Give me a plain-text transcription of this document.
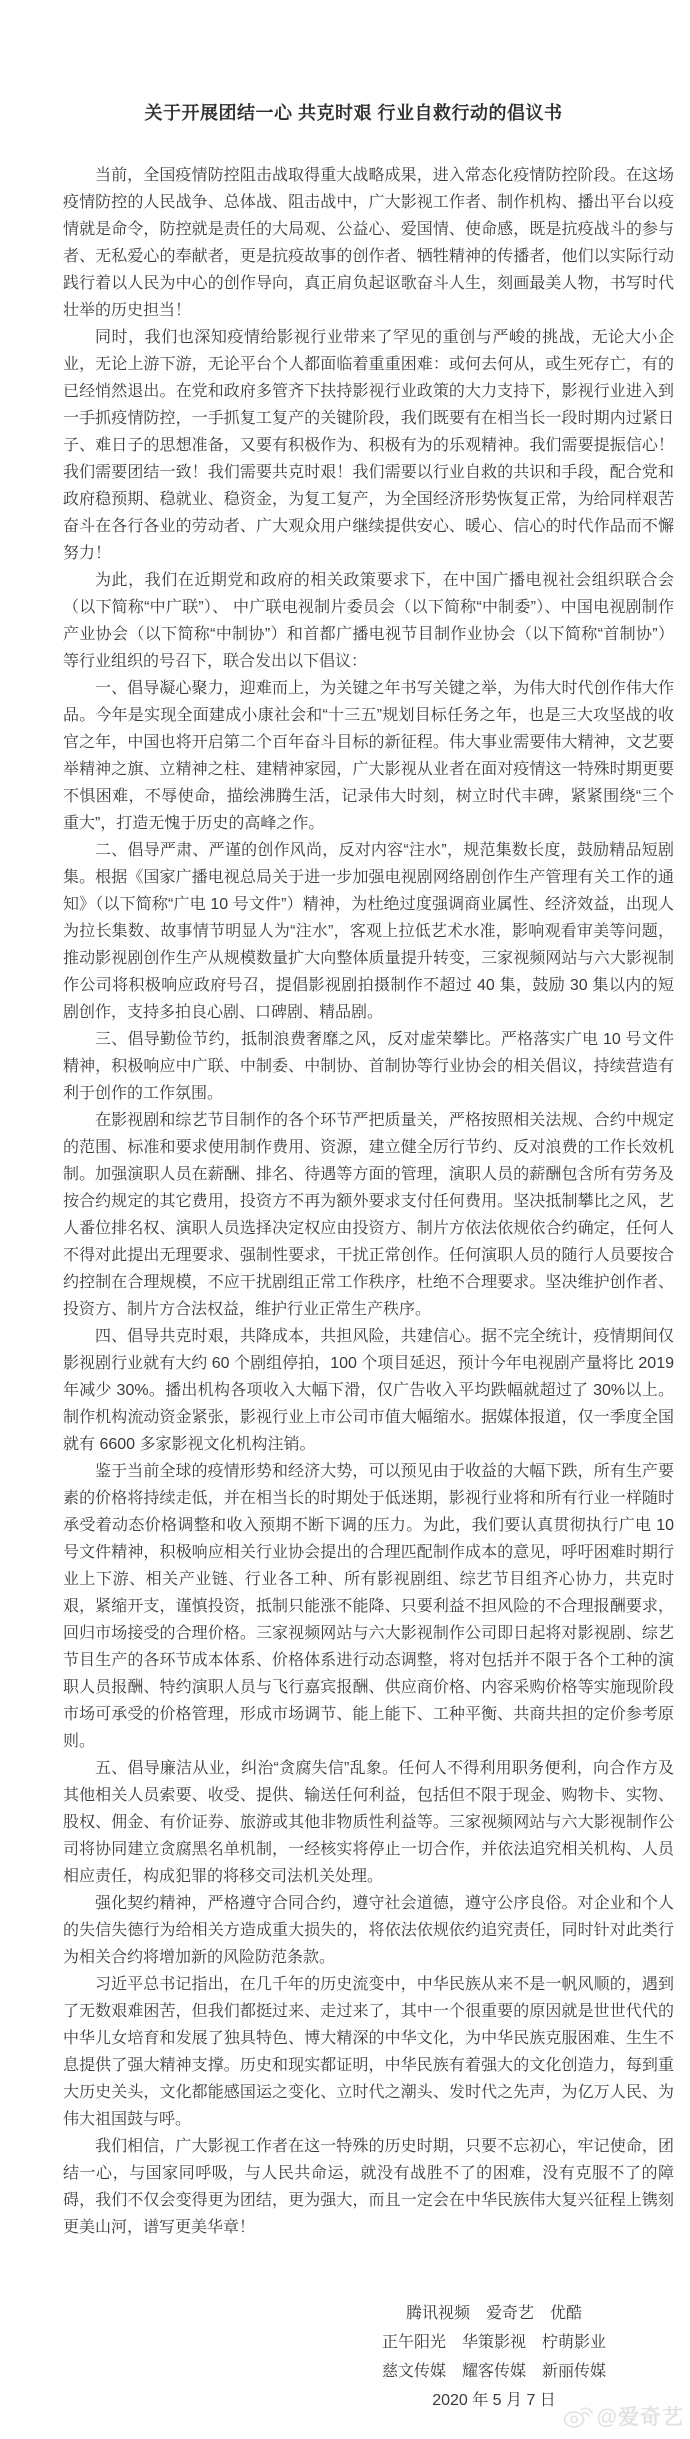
关于开展团结一心 共克时艰 行业自救行动的倡议书

当前，全国疫情防控阻击战取得重大战略成果，进入常态化疫情防控阶段。在这场疫情防控的人民战争、总体战、阻击战中，广大影视工作者、制作机构、播出平台以疫情就是命令，防控就是责任的大局观、公益心、爱国情、使命感，既是抗疫战斗的参与者、无私爱心的奉献者，更是抗疫故事的创作者、牺牲精神的传播者，他们以实际行动践行着以人民为中心的创作导向，真正肩负起讴歌奋斗人生，刻画最美人物，书写时代壮举的历史担当！

同时，我们也深知疫情给影视行业带来了罕见的重创与严峻的挑战，无论大小企业，无论上游下游，无论平台个人都面临着重重困难：或何去何从，或生死存亡，有的已经悄然退出。在党和政府多管齐下扶持影视行业政策的大力支持下，影视行业进入到一手抓疫情防控，一手抓复工复产的关键阶段，我们既要有在相当长一段时期内过紧日子、难日子的思想准备，又要有积极作为、积极有为的乐观精神。我们需要提振信心！我们需要团结一致！我们需要共克时艰！我们需要以行业自救的共识和手段，配合党和政府稳预期、稳就业、稳资金，为复工复产，为全国经济形势恢复正常，为给同样艰苦奋斗在各行各业的劳动者、广大观众用户继续提供安心、暖心、信心的时代作品而不懈努力！

为此，我们在近期党和政府的相关政策要求下，在中国广播电视社会组织联合会（以下简称“中广联”）、 中广联电视制片委员会（以下简称“中制委”）、中国电视剧制作产业协会（以下简称“中制协”）和首都广播电视节目制作业协会（以下简称“首制协”）等行业组织的号召下，联合发出以下倡议：

一、倡导凝心聚力，迎难而上，为关键之年书写关键之举，为伟大时代创作伟大作品。今年是实现全面建成小康社会和“十三五”规划目标任务之年，也是三大攻坚战的收官之年，中国也将开启第二个百年奋斗目标的新征程。伟大事业需要伟大精神，文艺要举精神之旗、立精神之柱、建精神家园，广大影视从业者在面对疫情这一特殊时期更要不惧困难，不辱使命，描绘沸腾生活，记录伟大时刻，树立时代丰碑，紧紧围绕“三个重大”，打造无愧于历史的高峰之作。

二、倡导严肃、严谨的创作风尚，反对内容“注水”，规范集数长度，鼓励精品短剧集。根据《国家广播电视总局关于进一步加强电视剧网络剧创作生产管理有关工作的通知》（以下简称“广电 10 号文件”）精神，为杜绝过度强调商业属性、经济效益，出现人为拉长集数、故事情节明显人为“注水”，客观上拉低艺术水准，影响观看审美等问题，推动影视剧创作生产从规模数量扩大向整体质量提升转变，三家视频网站与六大影视制作公司将积极响应政府号召，提倡影视剧拍摄制作不超过 40 集，鼓励 30 集以内的短剧创作，支持多拍良心剧、口碑剧、精品剧。

三、倡导勤俭节约，抵制浪费奢靡之风，反对虚荣攀比。严格落实广电 10 号文件精神，积极响应中广联、中制委、中制协、首制协等行业协会的相关倡议，持续营造有利于创作的工作氛围。

在影视剧和综艺节目制作的各个环节严把质量关，严格按照相关法规、合约中规定的范围、标准和要求使用制作费用、资源，建立健全厉行节约、反对浪费的工作长效机制。加强演职人员在薪酬、排名、待遇等方面的管理，演职人员的薪酬包含所有劳务及按合约规定的其它费用，投资方不再为额外要求支付任何费用。坚决抵制攀比之风，艺人番位排名权、演职人员选择决定权应由投资方、制片方依法依规依合约确定，任何人不得对此提出无理要求、强制性要求，干扰正常创作。任何演职人员的随行人员要按合约控制在合理规模，不应干扰剧组正常工作秩序，杜绝不合理要求。坚决维护创作者、投资方、制片方合法权益，维护行业正常生产秩序。

四、倡导共克时艰，共降成本，共担风险，共建信心。据不完全统计，疫情期间仅影视剧行业就有大约 60 个剧组停拍，100 个项目延迟，预计今年电视剧产量将比 2019 年减少 30%。播出机构各项收入大幅下滑，仅广告收入平均跌幅就超过了 30%以上。制作机构流动资金紧张，影视行业上市公司市值大幅缩水。据媒体报道，仅一季度全国就有 6600 多家影视文化机构注销。

鉴于当前全球的疫情形势和经济大势，可以预见由于收益的大幅下跌，所有生产要素的价格将持续走低，并在相当长的时期处于低迷期，影视行业将和所有行业一样随时承受着动态价格调整和收入预期不断下调的压力。为此，我们要认真贯彻执行广电 10 号文件精神，积极响应相关行业协会提出的合理匹配制作成本的意见，呼吁困难时期行业上下游、相关产业链、行业各工种、所有影视剧组、综艺节目组齐心协力，共克时艰，紧缩开支，谨慎投资，抵制只能涨不能降、只要利益不担风险的不合理报酬要求，回归市场接受的合理价格。三家视频网站与六大影视制作公司即日起将对影视剧、综艺节目生产的各环节成本体系、价格体系进行动态调整，将对包括并不限于各个工种的演职人员报酬、特约演职人员与飞行嘉宾报酬、供应商价格、内容采购价格等实施现阶段市场可承受的价格管理，形成市场调节、能上能下、工种平衡、共商共担的定价参考原则。

五、倡导廉洁从业，纠治“贪腐失信”乱象。任何人不得利用职务便利，向合作方及其他相关人员索要、收受、提供、输送任何利益，包括但不限于现金、购物卡、实物、股权、佣金、有价证券、旅游或其他非物质性利益等。三家视频网站与六大影视制作公司将协同建立贪腐黑名单机制，一经核实将停止一切合作，并依法追究相关机构、人员相应责任，构成犯罪的将移交司法机关处理。

强化契约精神，严格遵守合同合约，遵守社会道德，遵守公序良俗。对企业和个人的失信失德行为给相关方造成重大损失的，将依法依规依约追究责任，同时针对此类行为相关合约将增加新的风险防范条款。

习近平总书记指出，在几千年的历史流变中，中华民族从来不是一帆风顺的，遇到了无数艰难困苦，但我们都挺过来、走过来了，其中一个很重要的原因就是世世代代的中华儿女培育和发展了独具特色、博大精深的中华文化，为中华民族克服困难、生生不息提供了强大精神支撑。历史和现实都证明，中华民族有着强大的文化创造力，每到重大历史关头，文化都能感国运之变化、立时代之潮头、发时代之先声，为亿万人民、为伟大祖国鼓与呼。

我们相信，广大影视工作者在这一特殊的历史时期，只要不忘初心，牢记使命，团结一心，与国家同呼吸，与人民共命运，就没有战胜不了的困难，没有克服不了的障碍，我们不仅会变得更为团结，更为强大，而且一定会在中华民族伟大复兴征程上镌刻更美山河，谱写更美华章！

腾讯视频　爱奇艺　优酷
正午阳光　华策影视　柠萌影业
慈文传媒　耀客传媒　新丽传媒
2020 年 5 月 7 日
@爱奇艺
